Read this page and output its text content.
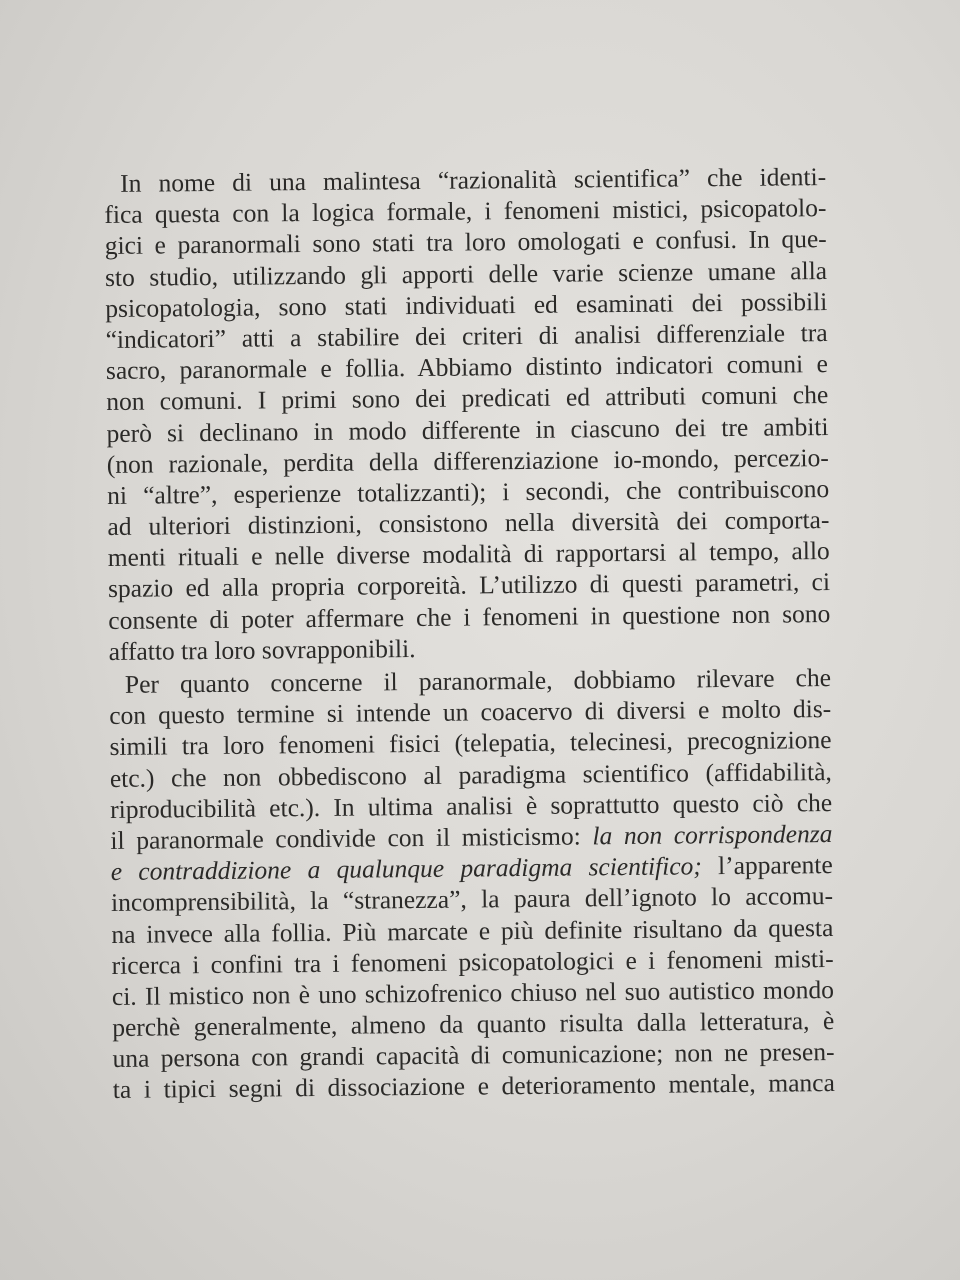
In nome di una malintesa “razionalità scientifica” che identi-
fica questa con la logica formale, i fenomeni mistici, psicopatolo-
gici e paranormali sono stati tra loro omologati e confusi. In que-
sto studio, utilizzando gli apporti delle varie scienze umane alla
psicopatologia, sono stati individuati ed esaminati dei possibili
“indicatori” atti a stabilire dei criteri di analisi differenziale tra
sacro, paranormale e follia. Abbiamo distinto indicatori comuni e
non comuni. I primi sono dei predicati ed attributi comuni che
però si declinano in modo differente in ciascuno dei tre ambiti
(non razionale, perdita della differenziazione io-mondo, percezio-
ni “altre”, esperienze totalizzanti); i secondi, che contribuiscono
ad ulteriori distinzioni, consistono nella diversità dei comporta-
menti rituali e nelle diverse modalità di rapportarsi al tempo, allo
spazio ed alla propria corporeità. L’utilizzo di questi parametri, ci
consente di poter affermare che i fenomeni in questione non sono
affatto tra loro sovrapponibili.
Per quanto concerne il paranormale, dobbiamo rilevare che
con questo termine si intende un coacervo di diversi e molto dis-
simili tra loro fenomeni fisici (telepatia, telecinesi, precognizione
etc.) che non obbediscono al paradigma scientifico (affidabilità,
riproducibilità etc.). In ultima analisi è soprattutto questo ciò che
il paranormale condivide con il misticismo: la non corrispondenza
e contraddizione a qualunque paradigma scientifico; l’apparente
incomprensibilità, la “stranezza”, la paura dell’ignoto lo accomu-
na invece alla follia. Più marcate e più definite risultano da questa
ricerca i confini tra i fenomeni psicopatologici e i fenomeni misti-
ci. Il mistico non è uno schizofrenico chiuso nel suo autistico mondo
perchè generalmente, almeno da quanto risulta dalla letteratura, è
una persona con grandi capacità di comunicazione; non ne presen-
ta i tipici segni di dissociazione e deterioramento mentale, manca
